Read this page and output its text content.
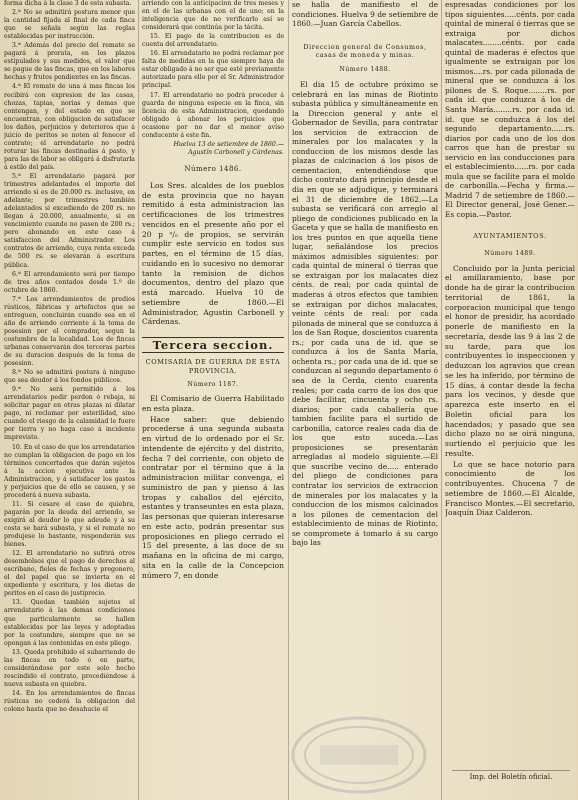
forma dicha á la clase 3 de esta subasta.

2.ª No se admitirá postura menor que la cantidad fijada al final de cada finca que se señala según las reglas establecidas por instrucción.

3.ª Además del precio del remate se pagará á prorata, en los plazos estipulados y sus medidos, el valor que se pague de las fincas, que en los labores hechas y frutos pendientes en las fincas.

4.ª El remate de una á mas fincas los recibirá con expresion de las casas, chozas, tapias, norias y demas que contengan, y del estado en que se encuentran, con obligacion de satisfacer los daños, perjuicios y deterioros que á juicio de peritos se noten al fenecer el contrato; el arrendatario no podrá roturar las fincas destinadas á pasto, y para las de labor se obligará á disfrutarla á estilo del país.

5.ª El arrendatario pagará por trimestres adelantados el importe del arriendo si es de 20.000 rs. inclusive, en adelante; por trimestres también adelantados si excediendo de 200 rs. no llegan á 20.000, anualmente, si en vencimiento cuando no pasen de 200 rs.; pero abonando en este caso á satisfaccion del Administrador. Los contratos de arriendo, cuya renta exceda de 500 rs. se elevarán á escritura pública.

6.ª El arrendamiento será por tiempo de tres años contados desde 1.º de octubre de 1860.

7.ª Los arrendamientos de predios rústicos, fábricas y artefactos que se entreguen, concluirán cuando sea en el año de arriendo corriente á la toma de posesion por el comprador, segun la costumbre de la localidad. Los de fincas urbanas conservarán dos terceras partes de su duracion después de la toma de posesion.

8.ª No se admitirá postura á ninguno que sea deudor á los fondos públicos.

9.ª No será permitido á los arrendatarios pedir perdon ó rebaja, ni solicitar pagar en otras plazas ni dilatar pago, ni reclamar por esterilidad, sino cuando el riesgo de la calamidad le fuere por tierra y no haga caso á incidente imprevisto.

10. En el caso de que los arrendatarios no cumplan la obligacion de pago en los términos concertados que darán sujetos á la accion ejecutiva ante la Administracion, y á satisfacer los gastos y perjuicios que de ello se causen, y se procederá á nueva subasta.

11. Si cesare el caso de quiebra, pagarán por la deuda del arriendo, se exigirá al deudor lo que adeude y á su costa se hará subasta, y si el remate no produjese lo bastante, responderán sus bienes.

12. El arrendatario no sufrirá otros desembolsos que el pago de derechos al escribano, fieles de fechas y pregonero, el del papel que se invierta en el expediente y escritura, y los dietas de peritos en el caso de justiprecio.

13. Quedan también sujetos el arrendatario á las demas condiciones que particularmente se hallen establecidas por las leyes y adoptadas por la costumbre, siempre que no se opongan á las contenidas en este pliego.

13. Queda prohibido el subarriendo de las fincas en todo ó en parte, considerándose por este solo hecho rescindido el contrato, procediéndose á nueva subasta en quiebra.

14. En los arrendamientos de fincas rústicas no cederá la obligacion del colono hasta que no desahucie el

arriendo con la anticipacion de tres meses y en el de las urbanas con el de uno; en la inteligencia que de no verificarlo así se considerará que continúa por la tácita.

15. El pago de la contribucion es de cuenta del arrendatario.

16. El arrendatario no podrá reclamar por falta de medidas en la que siempre haya de estar obligado á no ser que esté previamente autorizado para ello por el Sr. Administrador principal.

17. El arrendatario no podrá proceder á guarda de ninguna especie en la finca, sin licencia de esta Administracion, quedando obligado á abonar los perjuicios que ocasione por no dar el menor aviso conducente á este fin.

Huelva 13 de setiembre de 1860.—Agustín Carbonell y Cárdenas.

Número 1486.

Los Sres. alcaldes de los pueblos de esta provincia que no hayan remitido á esta administracion las certificaciones de los trimestres vencidos en el presente año por el 20 p ᵒ/ₒ de propios, se servirán cumplir este servicio en todos sus partes, en el término de 15 días, cuidando en lo sucesivo no demorar tanto la remision de dichos documentos, dentro del plazo que está marcado. Huelva 10 de setiembre de 1860.—El Administrador, Agustin Carbonell y Cárdenas.

Tercera seccion.
COMISARÍA DE GUERRA DE ESTA
PROVINCIA.
Número 1187.

El Comisario de Guerra Habilitado en esta plaza.

Hace saber: que debiendo procederse á una segunda subasta en virtud de lo ordenado por el Sr. intendente de ejército y del distrito, fecha 7 del corriente, con objeto de contratar por el término que á la administracion militar convenga, el suministro de pan y pienso á las tropas y caballos del ejército, estantes y transeuntes en esta plaza, las personas que quieran interesarse en este acto, podrán presentar sus proposiciones en pliego cerrado el 15 del presente, á las doce de su mañana en la oficina de mi cargo, sita en la calle de la Concepcion número 7, en donde

se halla de manifiesto el de condiciones. Huelva 9 de setiembre de 1860.—Juan García Cabellos.

Direccion general de Consumos, casas de moneda y minas.
Número 1488.

El dia 15 de octubre próximo se celebrará en las minas de Riotinto subasta pública y simultáneamente en la Direccion general y ante el Gobernador de Sevilla, para contratar los servicios de extraccion de minerales por los malacates y la conduccion de los mismos desde las plazas de calcinacion á los pisos de cementacion, entendiéndose que dicho contrato dará principio desde el dia en que se adjudique, y terminará el 31 de diciembre de 1862.—La subasta se verificará con arreglo al pliego de condiciones publicado en la Gaceta y que se halla de manifiesto en los tres puntos en que aquella tiene lugar, señalándose los precios máximos admisibles siguientes: por cada quintal de mineral ó tierras que se extraigan por los malacates diez cénts. de real; por cada quintal de maderas á otros efectos que tambien se extraigan por dichos malacates, veinte cénts de real: por cada pilonada de mineral que se conduzca á los de San Roque, doscientos cuarenta rs.; por cada una de id. que se conduzca á los de Santa María, ochenta rs.; por cada una de id. que se conduzcan al segundo departamento ó sea de la Cerda, ciento cuarenta reales; por cada carro de los dos que debe facilitar, cincuenta y ocho rs. diarios; por cada caballería que tambien facilite para el surtido de carbonilla, catorce reales cada dia de los que esto suceda.—Las proposiciones se presentarán arregladas al modelo siguiente.—El que suscribe vecino de..... enterado del pliego de condiciones para contratar los servicios de extraccion de minerales por los malacates y la conduccion de los mismos calcinados a los pilones de cementacion del establecimiento de minas de Riotinto, se compromete á tomarlo á su cargo bajo las

espresadas condiciones por los tipos siguientes.....cénts. por cada quintal de mineral ó tierras que se extraiga por dichos malacates........cénts. por cada quintal de maderas é efectos que igualmente se extraigan por los mismos....rs. por cada pilonada de mineral que se conduzca á los pilones de S. Roque........rs. por cada id. que conduzca á los de Santa María........rs. por cada id. id. que se conduzca á los del segundo departamento......rs. diarios por cada uno de los dos carros que han de prestar su servicio en las conducciones para el establecimiento......rs. por cada mula que se facilite para el moldo de carbonilla.—Fecha y firma.—Madrid 7 de setiembre de 1860.—El Director general, José Gener.—Es copia.—Pastor.

AYUNTAMIENTOS.
Número 1489.

Concluido por la Junta pericial el amillaramiento, base por donde ha de girar la contribucion territorial de 1861, la corporacion municipal que tengo el honor de presidir, ha acordado ponerle de manifiesto en la secretaría, desde las 9 á las 2 de su tarde, para que los contribuyentes lo inspeccionen y deduzcan los agravios que crean se les ha inferido, por término de 15 días, á contar desde la fecha para los vecinos, y desde que aparezca este inserto en el Boletin oficial para los hacendados; y pasado que sea dicho plazo no se oirá ninguna, surtiendo el perjuicio que les resulte.

Lo que se hace notorio para conocimiento de los contribuyentes. Chucena 7 de setiembre de 1860.—El Alcalde, Francisco Montes.—El secretario, Joaquín Diaz Calderon.

Imp. del Boletín oficial.
